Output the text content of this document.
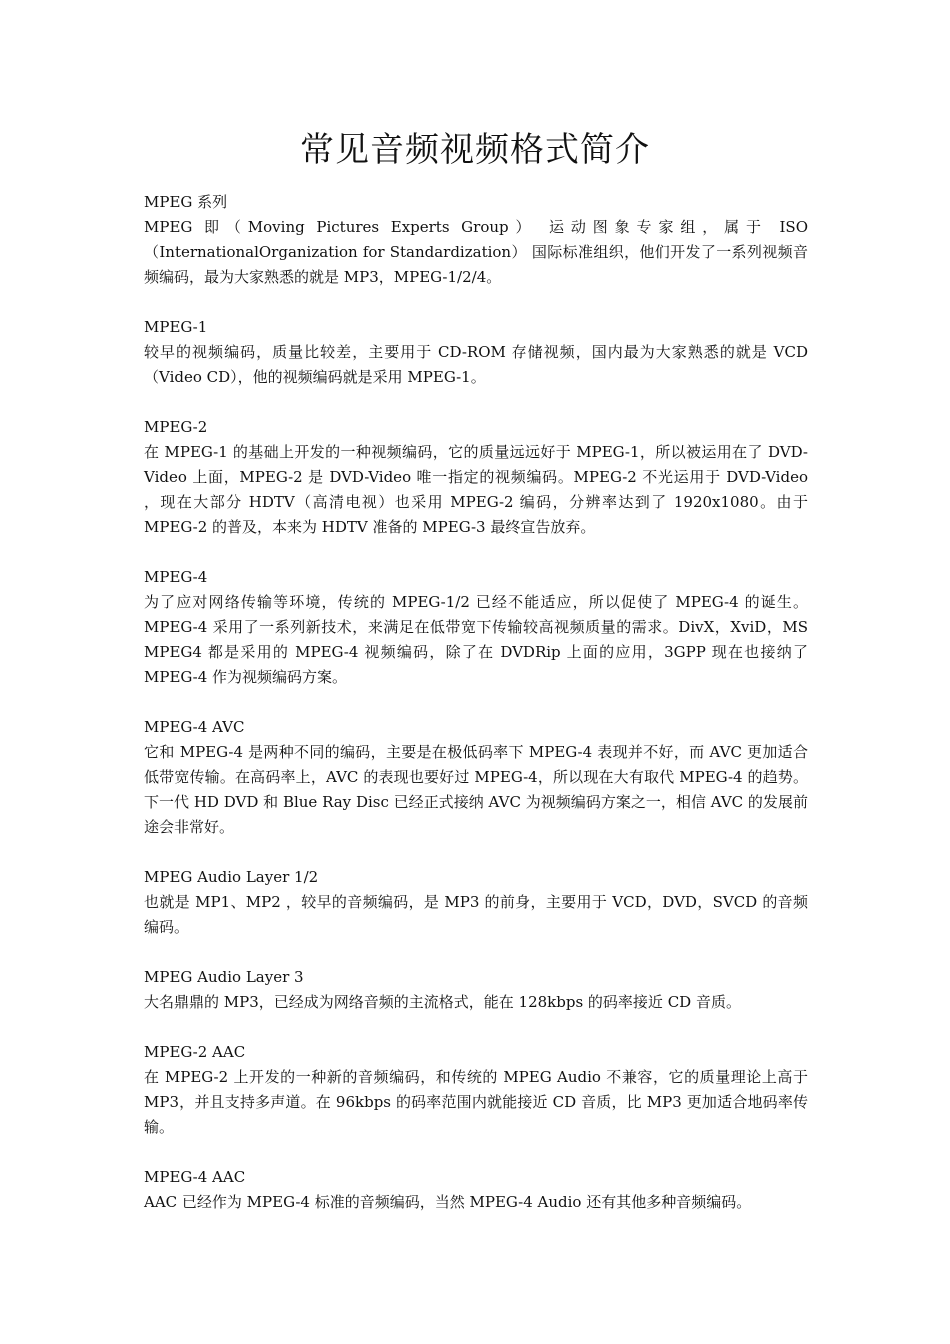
常见音频视频格式简介

MPEG 系列

MPEG 即（Moving Pictures Experts Group） 运动图象专家组，属于 ISO（InternationalOrganization for Standardization） 国际标准组织，他们开发了一系列视频音频编码，最为大家熟悉的就是 MP3，MPEG-1/2/4。

MPEG-1

较早的视频编码，质量比较差，主要用于 CD-ROM 存储视频，国内最为大家熟悉的就是 VCD（Video CD），他的视频编码就是采用 MPEG-1。

MPEG-2

在 MPEG-1 的基础上开发的一种视频编码，它的质量远远好于 MPEG-1，所以被运用在了 DVD-Video 上面，MPEG-2 是 DVD-Video 唯一指定的视频编码。MPEG-2 不光运用于 DVD-Video ，现在大部分 HDTV（高清电视）也采用 MPEG-2 编码，分辨率达到了 1920x1080。由于 MPEG-2 的普及，本来为 HDTV 准备的 MPEG-3 最终宣告放弃。

MPEG-4

为了应对网络传输等环境，传统的 MPEG-1/2 已经不能适应，所以促使了 MPEG-4 的诞生。MPEG-4 采用了一系列新技术，来满足在低带宽下传输较高视频质量的需求。DivX，XviD，MS MPEG4 都是采用的 MPEG-4 视频编码，除了在 DVDRip 上面的应用，3GPP 现在也接纳了 MPEG-4 作为视频编码方案。

MPEG-4 AVC

它和 MPEG-4 是两种不同的编码，主要是在极低码率下 MPEG-4 表现并不好，而 AVC 更加适合低带宽传输。在高码率上，AVC 的表现也要好过 MPEG-4，所以现在大有取代 MPEG-4 的趋势。下一代 HD DVD 和 Blue Ray Disc 已经正式接纳 AVC 为视频编码方案之一，相信 AVC 的发展前途会非常好。

MPEG Audio Layer 1/2

也就是 MP1、MP2 ，较早的音频编码，是 MP3 的前身，主要用于 VCD，DVD，SVCD 的音频编码。

MPEG Audio Layer 3

大名鼎鼎的 MP3，已经成为网络音频的主流格式，能在 128kbps 的码率接近 CD 音质。

MPEG-2 AAC

在 MPEG-2 上开发的一种新的音频编码，和传统的 MPEG Audio 不兼容，它的质量理论上高于 MP3，并且支持多声道。在 96kbps 的码率范围内就能接近 CD 音质，比 MP3 更加适合地码率传输。

MPEG-4 AAC

AAC 已经作为 MPEG-4 标准的音频编码，当然 MPEG-4 Audio 还有其他多种音频编码。
